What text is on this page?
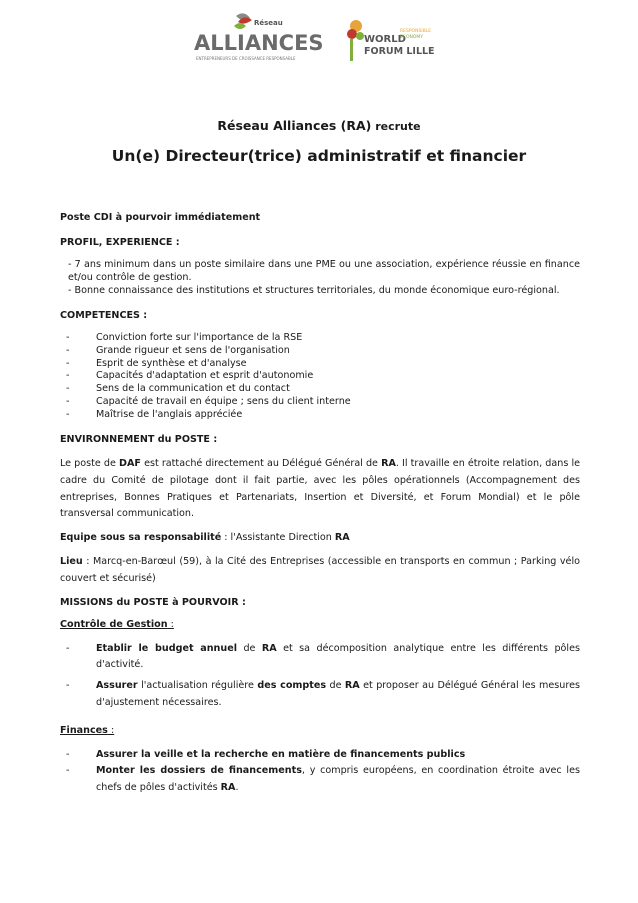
Réseau
ALLIANCES
ENTREPRENEURS DE CROISSANCE RESPONSABLE
WORLD
RESPONSIBLE
ECONOMY
FORUM LILLE
Réseau Alliances (RA) recrute
Un(e) Directeur(trice) administratif et financier

Poste CDI à pourvoir immédiatement

PROFIL, EXPERIENCE :

- 7 ans minimum dans un poste similaire dans une PME ou une association, expérience réussie en finance et/ou contrôle de gestion.

- Bonne connaissance des institutions et structures territoriales, du monde économique euro-régional.

COMPETENCES :

- Conviction forte sur l'importance de la RSE
- Grande rigueur et sens de l'organisation
- Esprit de synthèse et d'analyse
- Capacités d'adaptation et esprit d'autonomie
- Sens de la communication et du contact
- Capacité de travail en équipe ; sens du client interne
- Maîtrise de l'anglais appréciée

ENVIRONNEMENT du POSTE :

Le poste de DAF est rattaché directement au Délégué Général de RA. Il travaille en étroite relation, dans le cadre du Comité de pilotage dont il fait partie, avec les pôles opérationnels (Accompagnement des entreprises, Bonnes Pratiques et Partenariats, Insertion et Diversité, et Forum Mondial) et le pôle transversal communication.

Equipe sous sa responsabilité : l'Assistante Direction RA

Lieu : Marcq-en-Barœul (59), à la Cité des Entreprises (accessible en transports en commun ; Parking vélo couvert et sécurisé)

MISSIONS du POSTE à POURVOIR :

Contrôle de Gestion :

- Etablir le budget annuel de RA et sa décomposition analytique entre les différents pôles d'activité.
- Assurer l'actualisation régulière des comptes de RA et proposer au Délégué Général les mesures d'ajustement nécessaires.

Finances :

- Assurer la veille et la recherche en matière de financements publics
- Monter les dossiers de financements, y compris européens, en coordination étroite avec les chefs de pôles d'activités RA.
